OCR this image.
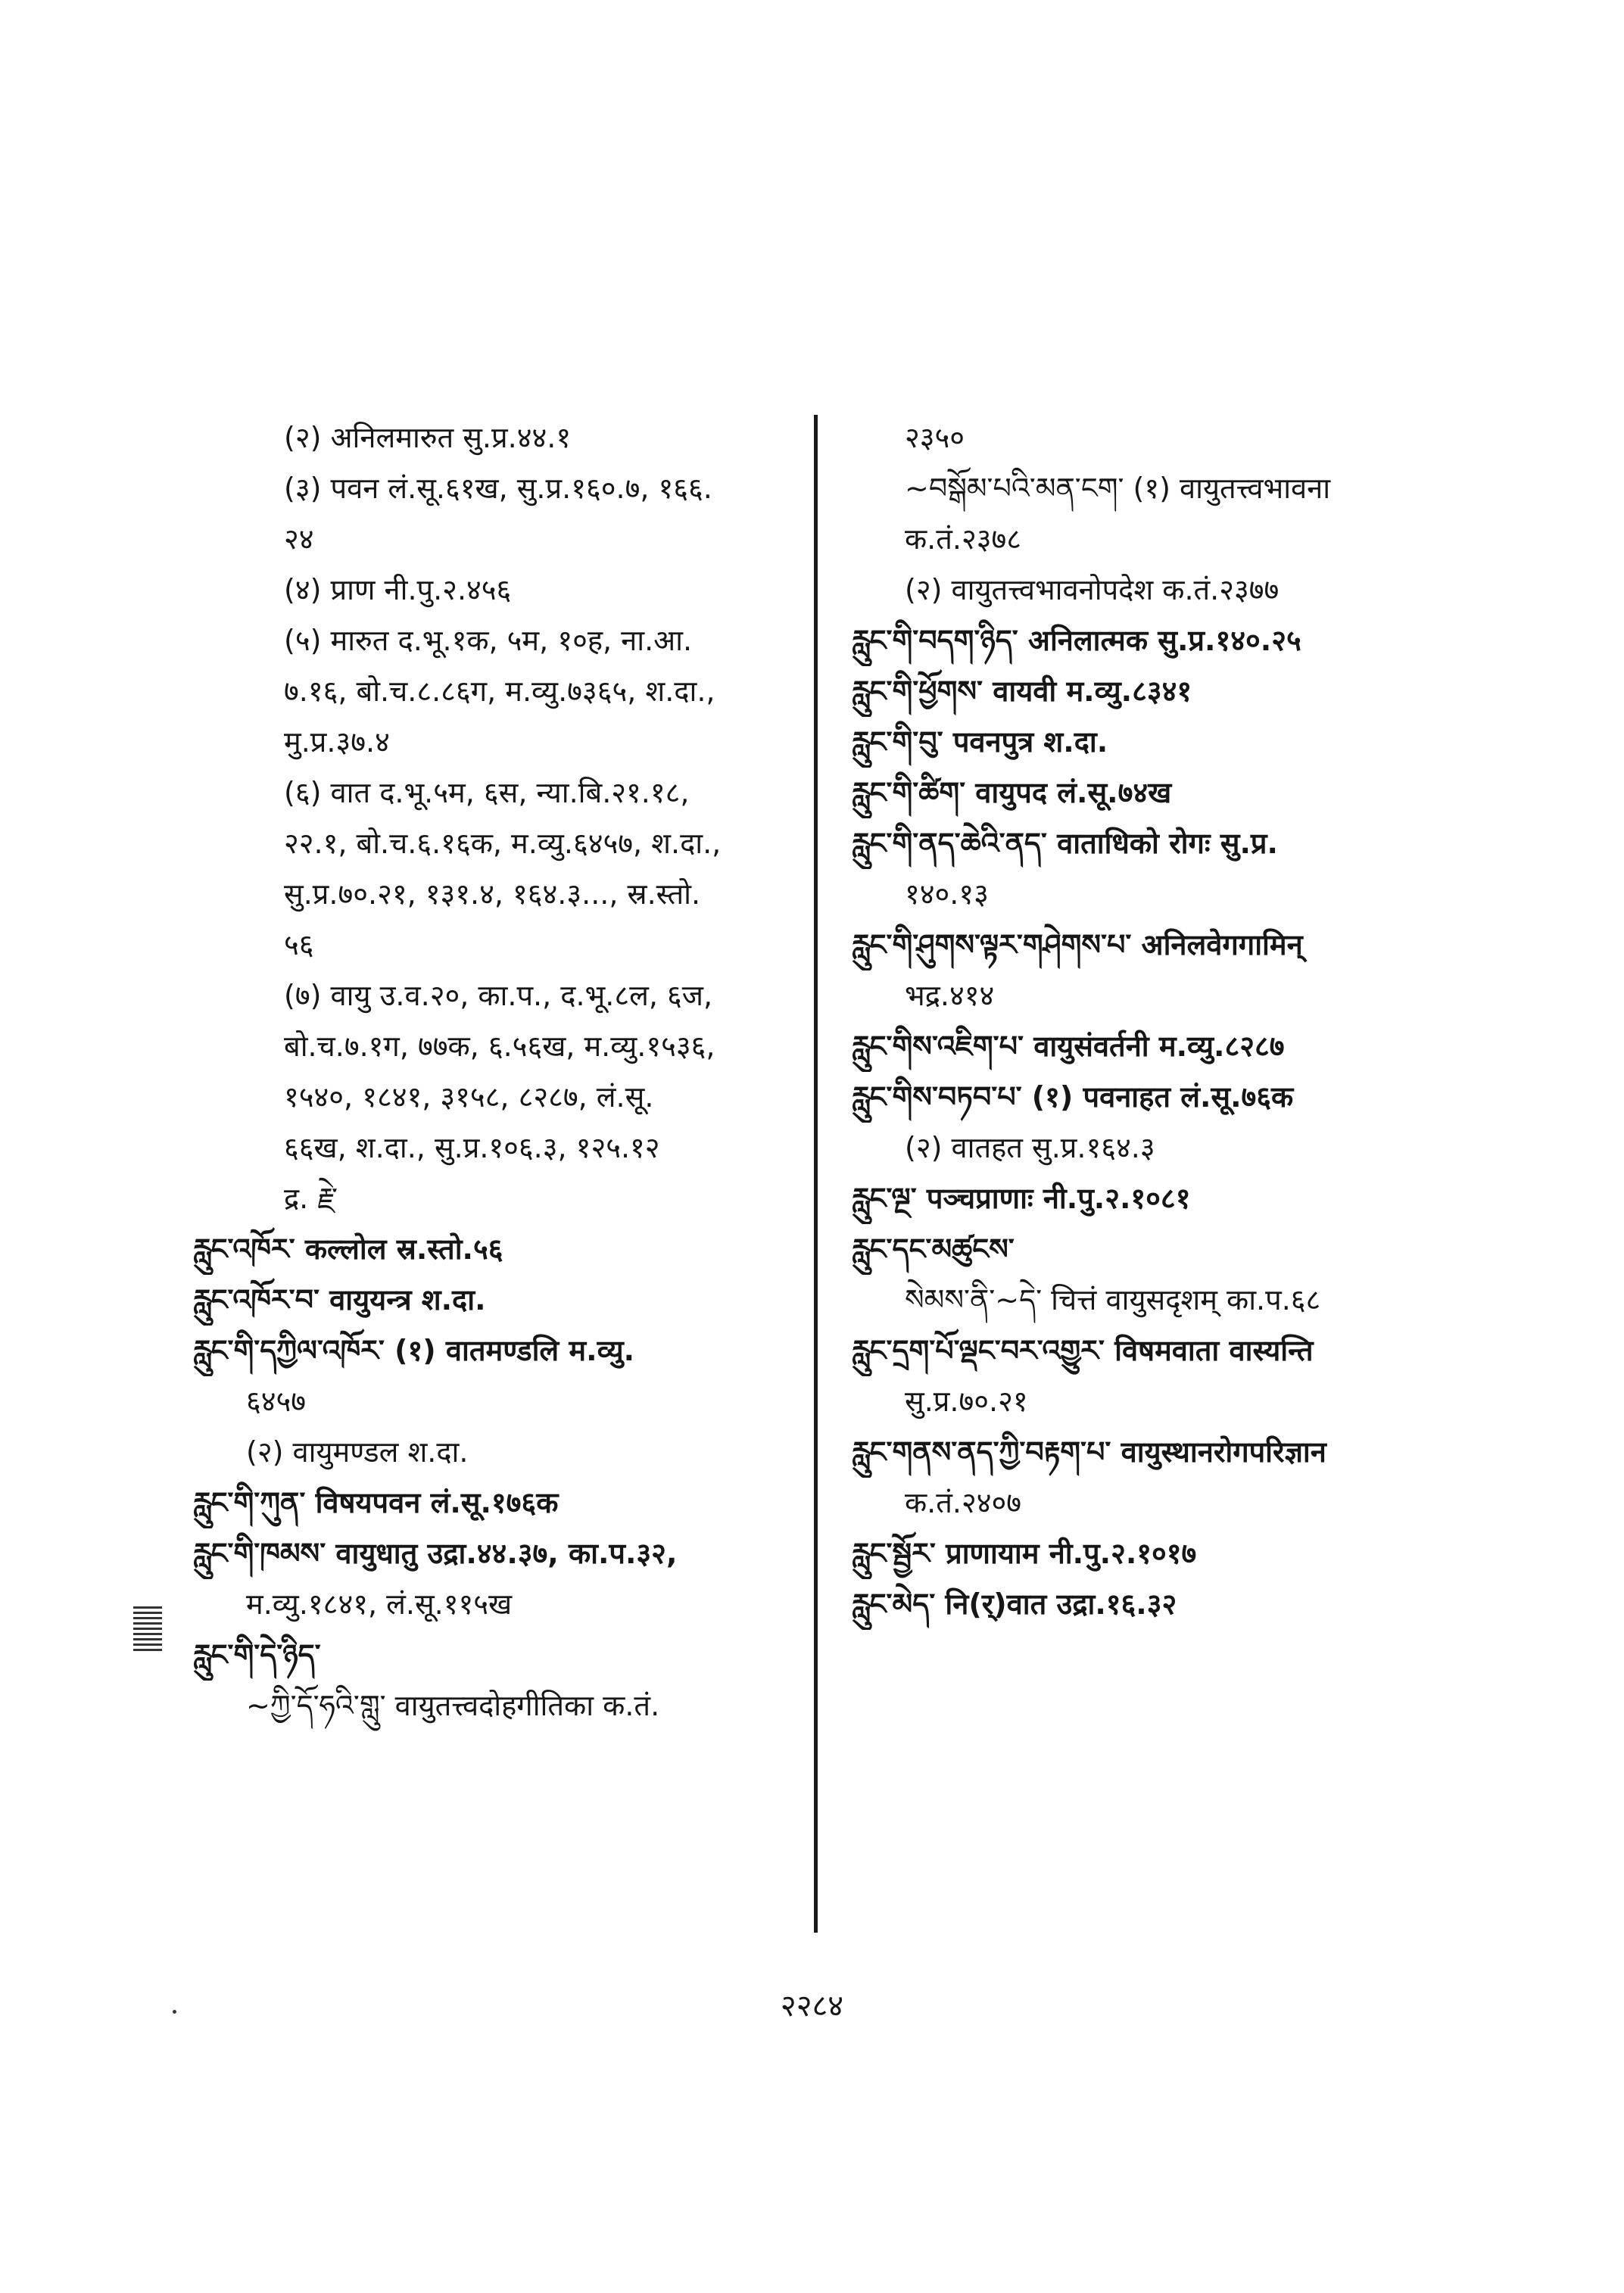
(२) अनिलमारुत सु.प्र.४४.१
(३) पवन लं.सू.६१ख, सु.प्र.१६०.७, १६६.
२४
(४) प्राण नी.पु.२.४५६
(५) मारुत द.भू.१क, ५म, १०ह, ना.आ.
७.१६, बो.च.८.८६ग, म.व्यु.७३६५, श.दा.,
मु.प्र.३७.४
(६) वात द.भू.५म, ६स, न्या.बि.२१.१८,
२२.१, बो.च.६.१६क, म.व्यु.६४५७, श.दा.,
सु.प्र.७०.२१, १३१.४, १६४.३..., स्र.स्तो.
५६
(७) वायु उ.व.२०, का.प., द.भू.८ल, ६ज,
बो.च.७.१ग, ७७क, ६.५६ख, म.व्यु.१५३६,
१५४०, १८४१, ३१५८, ८२८७, लं.सू.
६६ख, श.दा., सु.प्र.१०६.३, १२५.१२
द्र. རྗེ་
རླུང་འཁོར་ कल्लोल स्र.स्तो.५६
རླུང་འཁོར་བ་ वायुयन्त्र श.दा.
རླུང་གི་དཀྱིལ་འཁོར་ (१) वातमण्डलि म.व्यु.
६४५७
(२) वायुमण्डल श.दा.
རླུང་གི་ཀུན་ विषयपवन लं.सू.१७६क
རླུང་གི་ཁམས་ वायुधातु उद्रा.४४.३७, का.प.३२,
म.व्यु.१८४१, लं.सू.११५ख
རླུང་གི་དེ་ཉིད་
~ཀྱི་དོ་ཧའི་གླུ་ वायुतत्त्वदोहगीतिका क.तं.
२३५०
~བསྒོམ་པའི་མན་ངག་ (१) वायुतत्त्वभावना
क.तं.२३७८
(२) वायुतत्त्वभावनोपदेश क.तं.२३७७
རླུང་གི་བདག་ཉིད་ अनिलात्मक सु.प्र.१४०.२५
རླུང་གི་ཕྱོགས་ वायवी म.व्यु.८३४१
རླུང་གི་བུ་ पवनपुत्र श.दा.
རླུང་གི་ཚིག་ वायुपद लं.सू.७४ख
རླུང་གི་ནད་ཆེའི་ནད་ वाताधिको रोगः सु.प्र.
१४०.१३
རླུང་གི་ཤུགས་ལྟར་གཤེགས་པ་ अनिलवेगगामिन्
भद्र.४१४
རླུང་གིས་འཇིག་པ་ वायुसंवर्तनी म.व्यु.८२८७
རླུང་གིས་བཏབ་པ་ (१) पवनाहत लं.सू.७६क
(२) वातहत सु.प्र.१६४.३
རླུང་ལྔ་ पञ्चप्राणाः नी.पु.२.१०८१
རླུང་དང་མཚུངས་
སེམས་ནི་~དེ་ चित्तं वायुसदृशम् का.प.६८
རླུང་དྲག་པོ་ལྡང་བར་འགྱུར་ विषमवाता वास्यन्ति
सु.प्र.७०.२१
རླུང་གནས་ནད་ཀྱི་བརྟག་པ་ वायुस्थानरोगपरिज्ञान
क.तं.२४०७
རླུང་སྦྱོར་ प्राणायाम नी.पु.२.१०१७
རླུང་མེད་ नि(र्)वात उद्रा.१६.३२
२२८४
